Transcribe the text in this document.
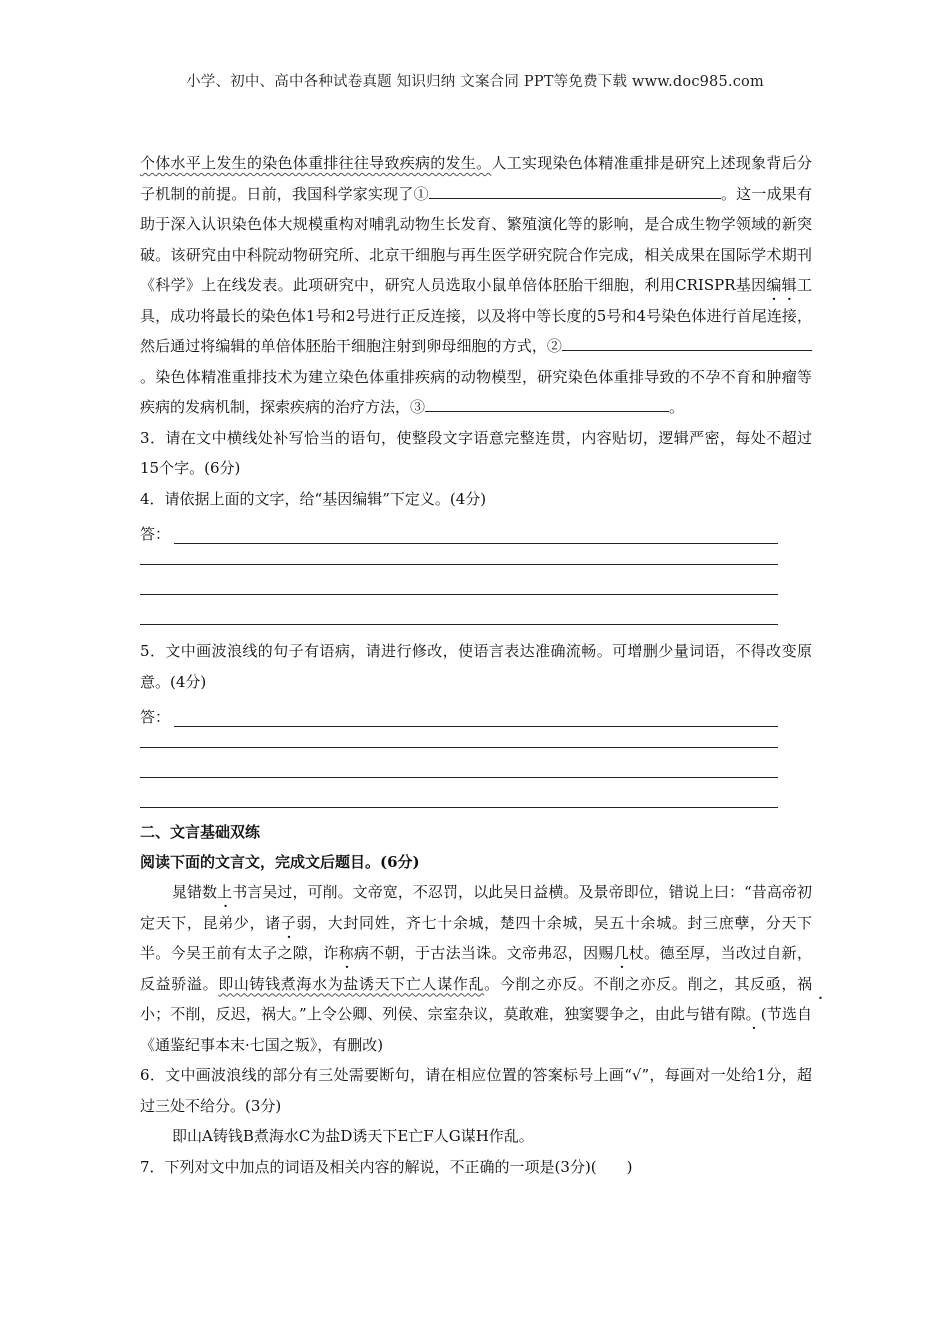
小学、初中、高中各种试卷真题 知识归纳 文案合同 PPT等免费下载 www.doc985.com

个体水平上发生的染色体重排往往导致疾病的发生。人工实现染色体精准重排是研究上述现象背后分子机制的前提。日前，我国科学家实现了①	。这一成果有助于深入认识染色体大规模重构对哺乳动物生长发育、繁殖演化等的影响，是合成生物学领域的新突破。该研究由中科院动物研究所、北京干细胞与再生医学研究院合作完成，相关成果在国际学术期刊《科学》上在线发表。此项研究中，研究人员选取小鼠单倍体胚胎干细胞，利用CRISPR基因编辑工具，成功将最长的染色体1号和2号进行正反连接，以及将中等长度的5号和4号染色体进行首尾连接，然后通过将编辑的单倍体胚胎干细胞注射到卵母细胞的方式，②。染色体精准重排技术为建立染色体重排疾病的动物模型，研究染色体重排导致的不孕不育和肿瘤等疾病的发病机制，探索疾病的治疗方法，③	。

3．请在文中横线处补写恰当的语句，使整段文字语意完整连贯，内容贴切，逻辑严密，每处不超过15个字。(6分)

4．请依据上面的文字，给“基因编辑”下定义。(4分)

答：

5．文中画波浪线的句子有语病，请进行修改，使语言表达准确流畅。可增删少量词语，不得改变原意。(4分)

答：

二、文言基础双练

阅读下面的文言文，完成文后题目。(6分)

晁错数上书言吴过，可削。文帝宽，不忍罚，以此吴日益横。及景帝即位，错说上曰：“昔高帝初定天下，昆弟少，诸子弱，大封同姓，齐七十余城，楚四十余城，吴五十余城。封三庶孽，分天下半。今吴王前有太子之隙，诈称病不朝，于古法当诛。文帝弗忍，因赐几杖。德至厚，当改过自新，反益骄溢。即山铸钱煮海水为盐诱天下亡人谋作乱。今削之亦反。不削之亦反。削之，其反亟，祸小；不削，反迟，祸大。”上令公卿、列侯、宗室杂议，莫敢难，独窦婴争之，由此与错有隙。(节选自《通鉴纪事本末·七国之叛》，有删改)

6．文中画波浪线的部分有三处需要断句，请在相应位置的答案标号上画“√”，每画对一处给1分，超过三处不给分。(3分)

即山A铸钱B煮海水C为盐D诱天下E亡F人G谋H作乱。

7．下列对文中加点的词语及相关内容的解说，不正确的一项是(3分)(　　)
